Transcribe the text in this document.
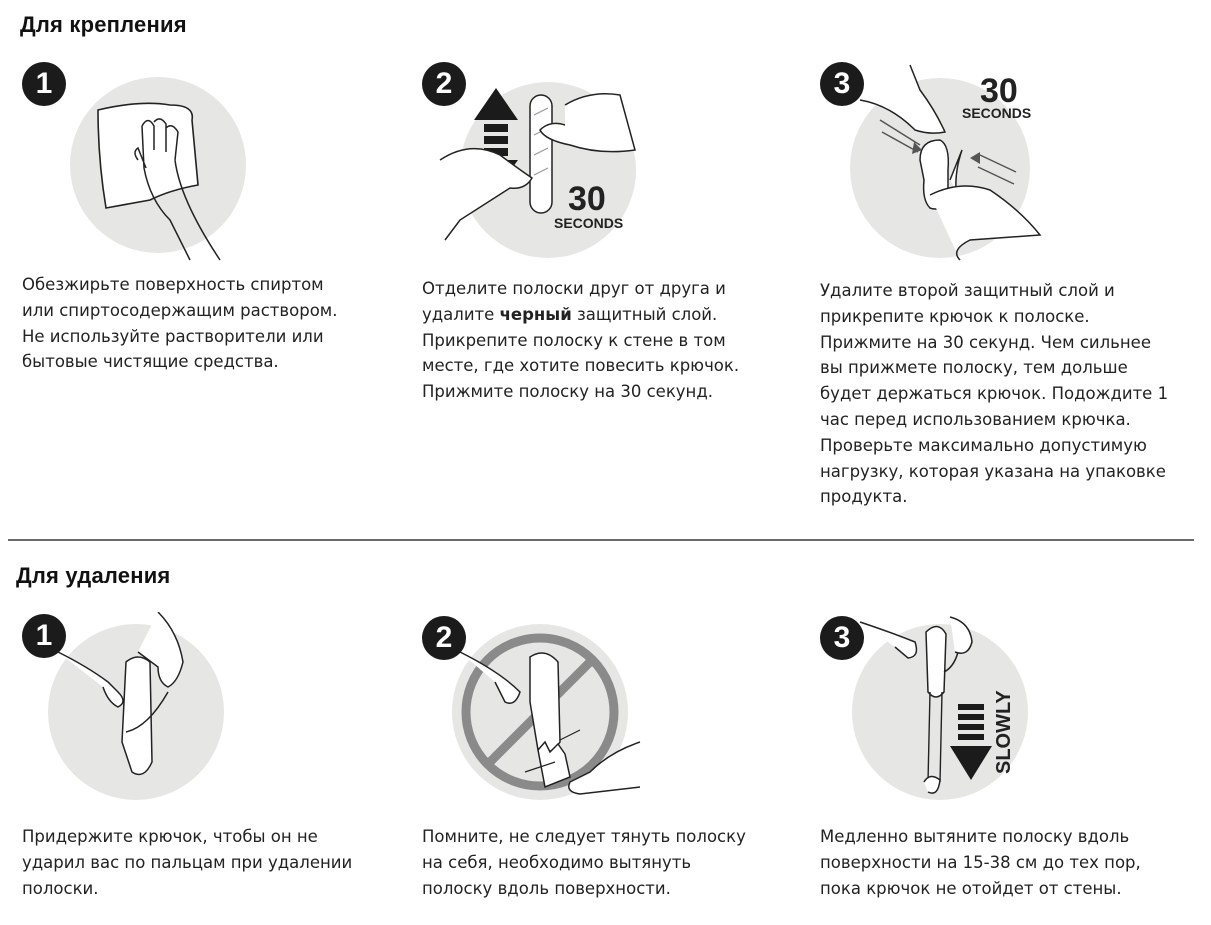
Для крепления
1
Обезжирьте поверхность спиртом
или спиртосодержащим раствором.
Не используйте растворители или
бытовые чистящие средства.
2
30
SECONDS
Отделите полоски друг от друга и
удалите черный защитный слой.
Прикрепите полоску к стене в том
месте, где хотите повесить крючок.
Прижмите полоску на 30 секунд.
3	30
SECONDS
Удалите второй защитный слой и
прикрепите крючок к полоске.
Прижмите на 30 секунд. Чем сильнее
вы прижмете полоску, тем дольше
будет держаться крючок. Подождите 1
час перед использованием крючка.
Проверьте максимально допустимую
нагрузку, которая указана на упаковке
продукта.
Для удаления
1
Придержите крючок, чтобы он не
ударил вас по пальцам при удалении
полоски.
2
Помните, не следует тянуть полоску
на себя, необходимо вытянуть
полоску вдоль поверхности.
3
SLOWLY
Медленно вытяните полоску вдоль
поверхности на 15-38 см до тех пор,
пока крючок не отойдет от стены.
